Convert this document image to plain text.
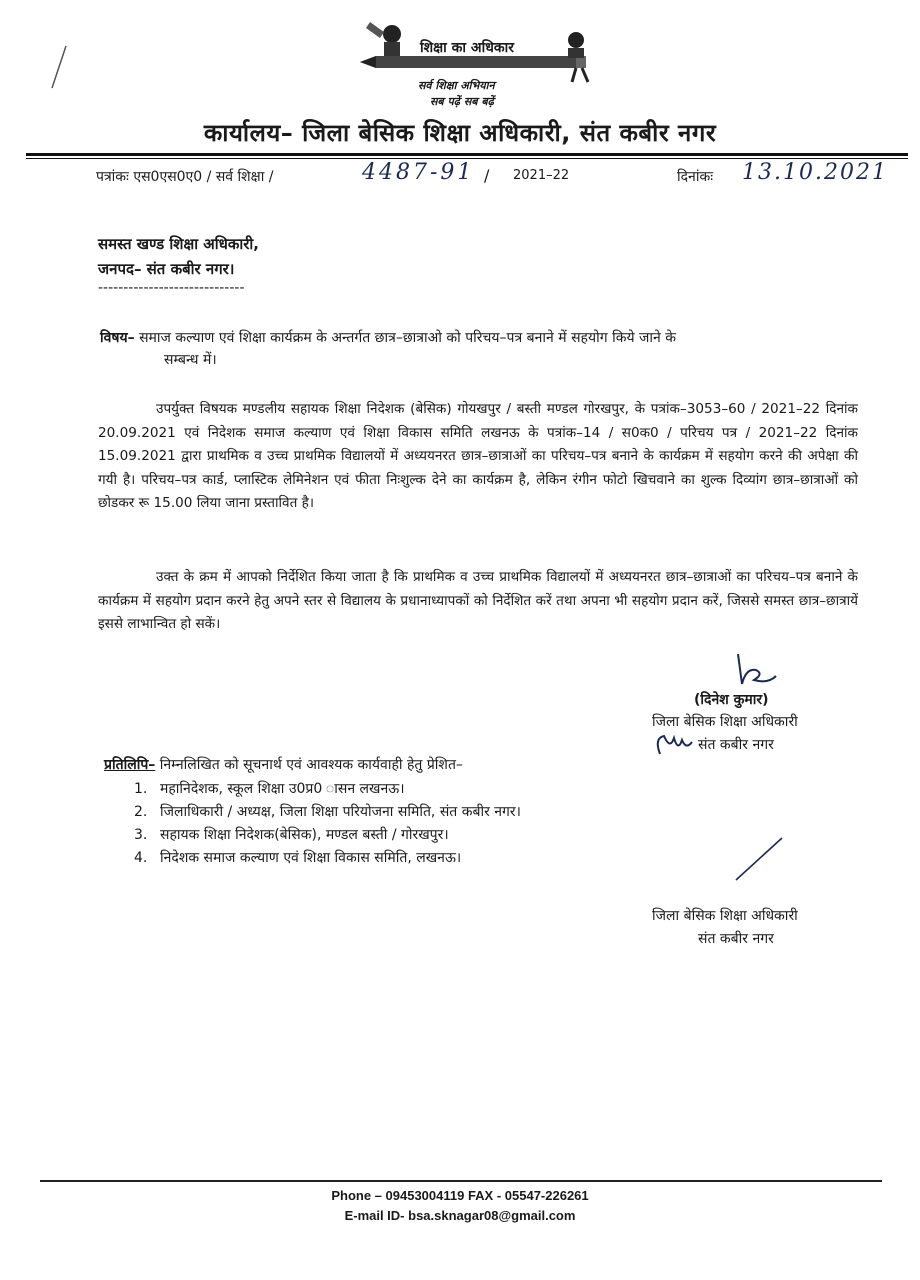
शिक्षा का अधिकार
सर्व शिक्षा अभियान
सब पढ़ें सब बढ़ें
कार्यालय– जिला बेसिक शिक्षा अधिकारी, संत कबीर नगर
पत्रांकः एस0एस0ए0 / सर्व शिक्षा /	4487-91 / 2021–22	दिनांकः 13.10.2021
समस्त खण्ड शिक्षा अधिकारी,
जनपद– संत कबीर नगर।
-----------------------------
विषय– समाज कल्याण एवं शिक्षा कार्यक्रम के अन्तर्गत छात्र–छात्राओ को परिचय–पत्र बनाने में सहयोग किये जाने के
सम्बन्ध में।
उपर्युक्त विषयक मण्डलीय सहायक शिक्षा निदेशक (बेसिक) गोयखपुर / बस्ती मण्डल गोरखपुर, के पत्रांक–3053–60 / 2021–22 दिनांक 20.09.2021 एवं निदेशक समाज कल्याण एवं शिक्षा विकास समिति लखनऊ के पत्रांक–14 / स0क0 / परिचय पत्र / 2021–22 दिनांक 15.09.2021 द्वारा प्राथमिक व उच्च प्राथमिक विद्यालयों में अध्ययनरत छात्र–छात्राओं का परिचय–पत्र बनाने के कार्यक्रम में सहयोग करने की अपेक्षा की गयी है। परिचय–पत्र कार्ड, प्लास्टिक लेमिनेशन एवं फीता निःशुल्क देने का कार्यक्रम है, लेकिन रंगीन फोटो खिचवाने का शुल्क दिव्यांग छात्र–छात्राओं को छोडकर रू 15.00 लिया जाना प्रस्तावित है।
उक्त के क्रम में आपको निर्देशित किया जाता है कि प्राथमिक व उच्च प्राथमिक विद्यालयों में अध्ययनरत छात्र–छात्राओं का परिचय–पत्र बनाने के कार्यक्रम में सहयोग प्रदान करने हेतु अपने स्तर से विद्यालय के प्रधानाध्यापकों को निर्देशित करें तथा अपना भी सहयोग प्रदान करें, जिससे समस्त छात्र–छात्रायें इससे लाभान्वित हो सकें।
(दिनेश कुमार)
जिला बेसिक शिक्षा अधिकारी
संत कबीर नगर
प्रतिलिपि– निम्नलिखित को सूचनार्थ एवं आवश्यक कार्यवाही हेतु प्रेशित–
1. महानिदेशक, स्कूल शिक्षा उ0प्र0 ासन लखनऊ।
2. जिलाधिकारी / अध्यक्ष, जिला शिक्षा परियोजना समिति, संत कबीर नगर।
3. सहायक शिक्षा निदेशक(बेसिक), मण्डल बस्ती / गोरखपुर।
4. निदेशक समाज कल्याण एवं शिक्षा विकास समिति, लखनऊ।
जिला बेसिक शिक्षा अधिकारी
संत कबीर नगर
Phone – 09453004119 FAX - 05547-226261
E-mail ID- bsa.sknagar08@gmail.com
